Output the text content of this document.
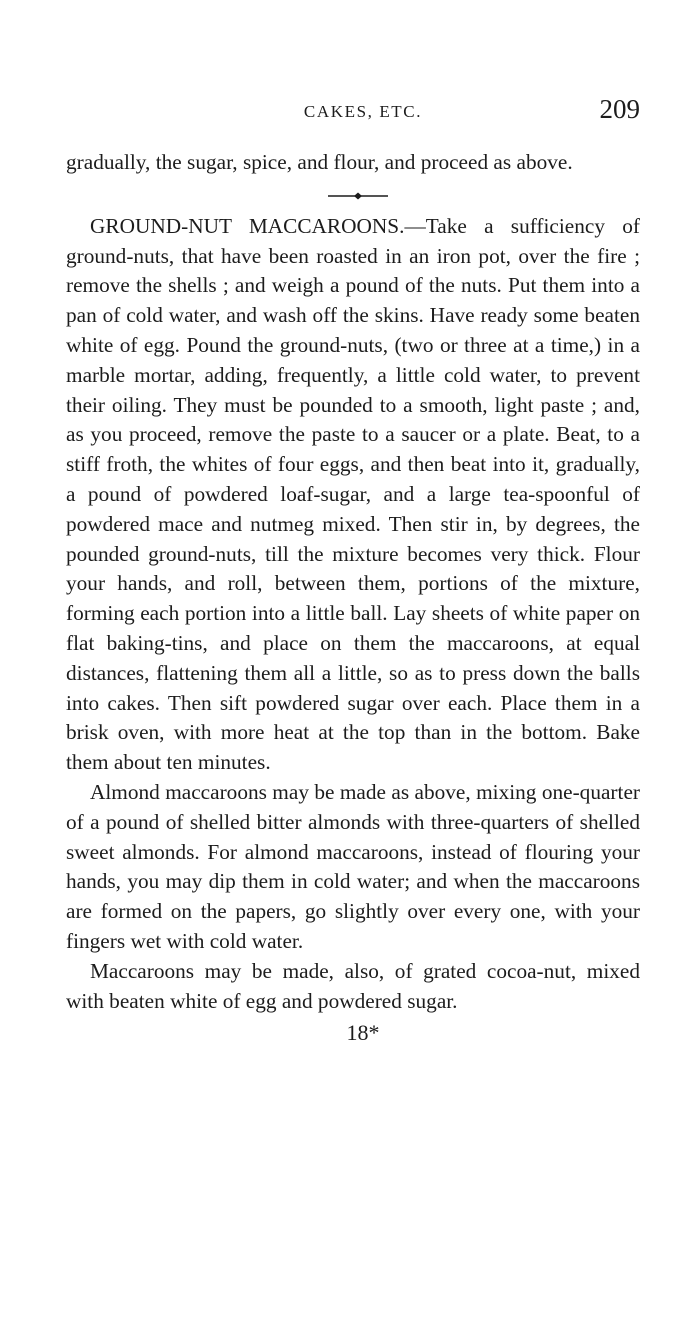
CAKES, ETC.	209

gradually, the sugar, spice, and flour, and proceed as above.

GROUND-NUT MACCAROONS.—Take a sufficiency of ground-nuts, that have been roasted in an iron pot, over the fire ; remove the shells ; and weigh a pound of the nuts. Put them into a pan of cold water, and wash off the skins. Have ready some beaten white of egg. Pound the ground-nuts, (two or three at a time,) in a marble mortar, adding, frequently, a little cold water, to prevent their oiling. They must be pounded to a smooth, light paste ; and, as you proceed, remove the paste to a saucer or a plate. Beat, to a stiff froth, the whites of four eggs, and then beat into it, gradually, a pound of powdered loaf-sugar, and a large tea-spoonful of powdered mace and nutmeg mixed. Then stir in, by degrees, the pounded ground-nuts, till the mixture becomes very thick. Flour your hands, and roll, between them, portions of the mixture, forming each portion into a little ball. Lay sheets of white paper on flat baking-tins, and place on them the maccaroons, at equal distances, flattening them all a little, so as to press down the balls into cakes. Then sift powdered sugar over each. Place them in a brisk oven, with more heat at the top than in the bottom. Bake them about ten minutes.

Almond maccaroons may be made as above, mixing one-quarter of a pound of shelled bitter almonds with three-quarters of shelled sweet almonds. For almond maccaroons, instead of flouring your hands, you may dip them in cold water; and when the maccaroons are formed on the papers, go slightly over every one, with your fingers wet with cold water.

Maccaroons may be made, also, of grated cocoa-nut, mixed with beaten white of egg and powdered sugar.

18*
